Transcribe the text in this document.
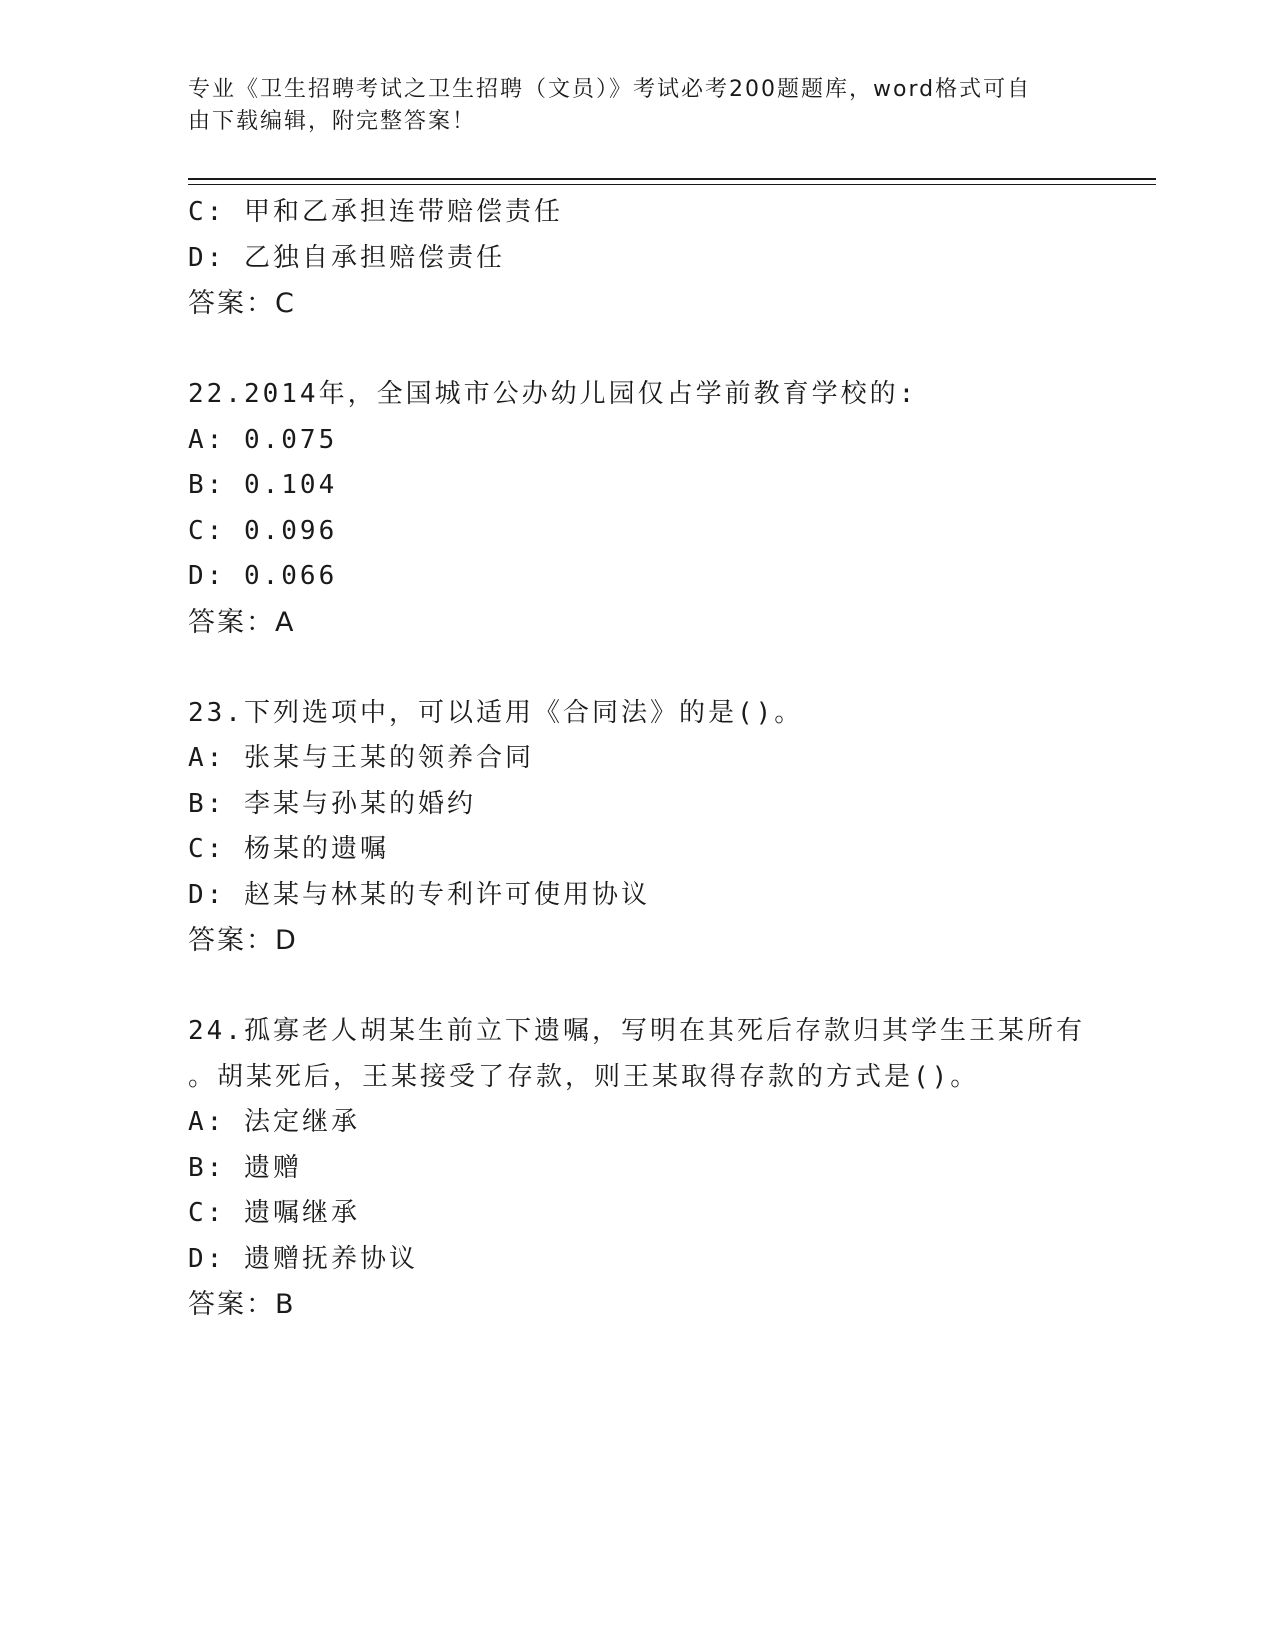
专业《卫生招聘考试之卫生招聘（文员）》考试必考200题题库，word格式可自
由下载编辑，附完整答案！
C: 甲和乙承担连带赔偿责任
D: 乙独自承担赔偿责任
答案：C
22.2014年，全国城市公办幼儿园仅占学前教育学校的:
A: 0.075
B: 0.104
C: 0.096
D: 0.066
答案：A
23.下列选项中，可以适用《合同法》的是()。
A: 张某与王某的领养合同
B: 李某与孙某的婚约
C: 杨某的遗嘱
D: 赵某与林某的专利许可使用协议
答案：D
24.孤寡老人胡某生前立下遗嘱，写明在其死后存款归其学生王某所有
。胡某死后，王某接受了存款，则王某取得存款的方式是()。
A: 法定继承
B: 遗赠
C: 遗嘱继承
D: 遗赠抚养协议
答案：B
